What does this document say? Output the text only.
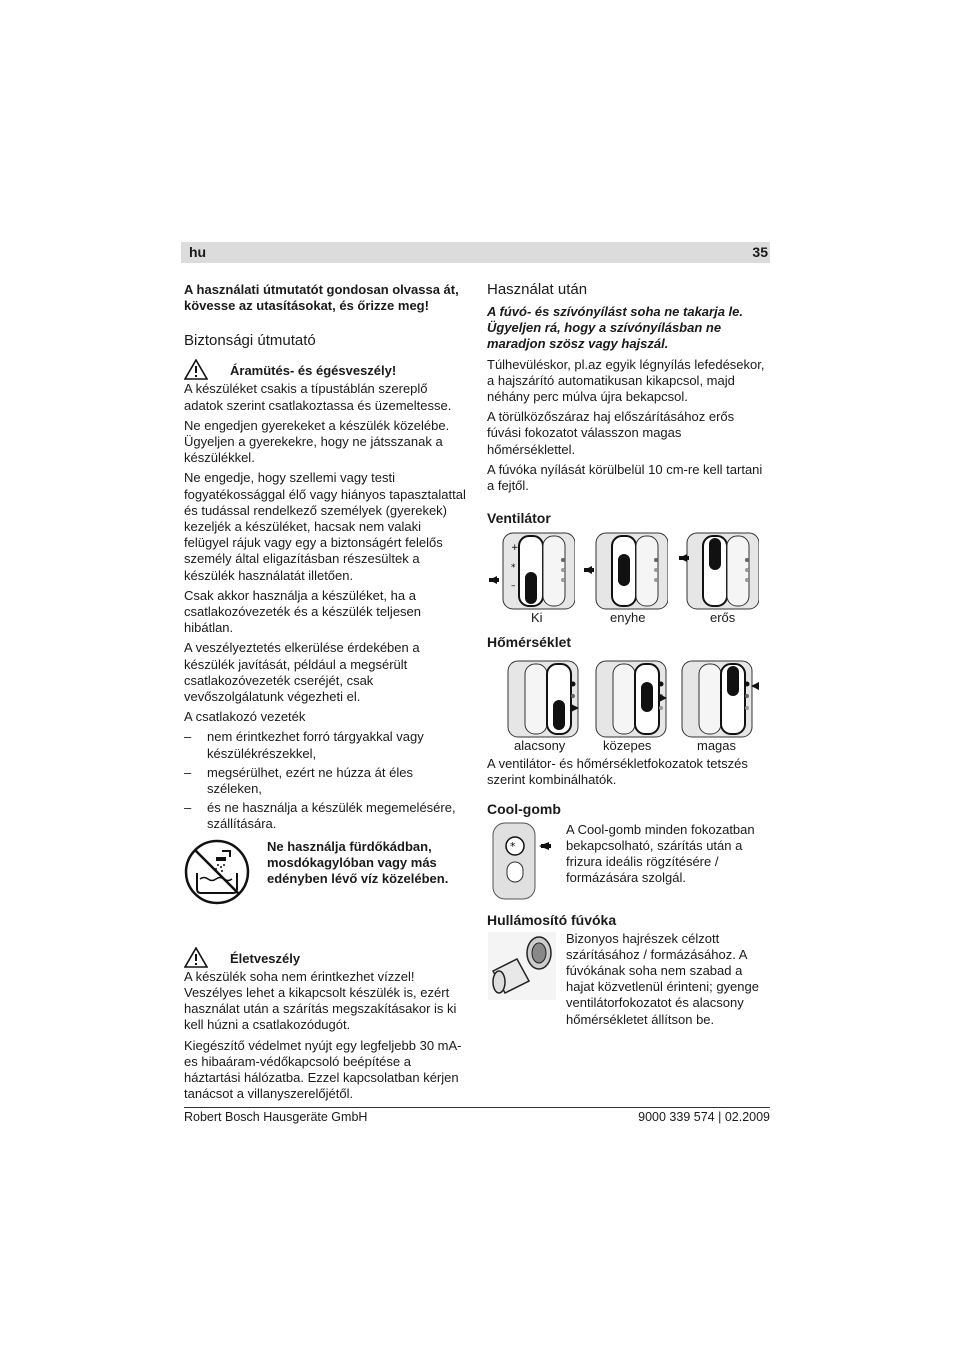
hu	35

A használati útmutatót gondosan olvassa át, kövesse az utasításokat, és őrizze meg!

Biztonsági útmutató
Áramütés- és égésveszély!

A készüléket csakis a típustáblán szereplő adatok szerint csatlakoztassa és üzemeltesse.

Ne engedjen gyerekeket a készülék közelébe. Ügyeljen a gyerekekre, hogy ne játsszanak a készülékkel.

Ne engedje, hogy szellemi vagy testi fogyatékossággal élő vagy hiányos tapasztalattal és tudással rendelkező személyek (gyerekek) kezeljék a készüléket, hacsak nem valaki felügyel rájuk vagy egy a biztonságért felelős személy által eligazításban részesültek a készülék használatát illetően.

Csak akkor használja a készüléket, ha a csatlakozóvezeték és a készülék teljesen hibátlan.

A veszélyeztetés elkerülése érdekében a készülék javítását, például a megsérült csatlakozóvezeték cseréjét, csak vevőszolgálatunk végezheti el.

A csatlakozó vezeték

– nem érintkezhet forró tárgyakkal vagy készülékrészekkel,
– megsérülhet, ezért ne húzza át éles széleken,
– és ne használja a készülék megemelésére, szállítására.
Ne használja fürdőkádban, mosdókagylóban vagy más edényben lévő víz közelében.
Életveszély

A készülék soha nem érintkezhet vízzel! Veszélyes lehet a kikapcsolt készülék is, ezért használat után a szárítás megszakításakor is ki kell húzni a csatlakozódugót.

Kiegészítő védelmet nyújt egy legfeljebb 30 mA-es hibaáram-védőkapcsoló beépítése a háztartási hálózatba. Ezzel kapcsolatban kérjen tanácsot a villanyszerelőjétől.

Használat után

A fúvó- és szívónyílást soha ne takarja le. Ügyeljen rá, hogy a szívónyílásban ne maradjon szösz vagy hajszál.

Túlhevüléskor, pl.az egyik légnyílás lefedésekor, a hajszárító automatikusan kikapcsol, majd néhány perc múlva újra bekapcsol.

A törülközőszáraz haj előszárításához erős fúvási fokozatot válasszon magas hőmérséklettel.

A fúvóka nyílását körülbelül 10 cm-re kell tartani a fejtől.

Ventilátor
+
*
–
Ki	enyhe	erős
Hőmérséklet
alacsony	közepes	magas

A ventilátor- és hőmérsékletfokozatok tetszés szerint kombinálhatók.

Cool-gomb
*

A Cool-gomb minden fokozatban bekapcsolható, szárítás után a frizura ideális rögzítésére / formázására szolgál.

Hullámosító fúvóka

Bizonyos hajrészek célzott szárításához / formázásához. A fúvókának soha nem szabad a hajat közvetlenül érinteni; gyenge ventilátorfokozatot és alacsony hőmérsékletet állítson be.

Robert Bosch Hausgeräte GmbH	9000 339 574 | 02.2009
